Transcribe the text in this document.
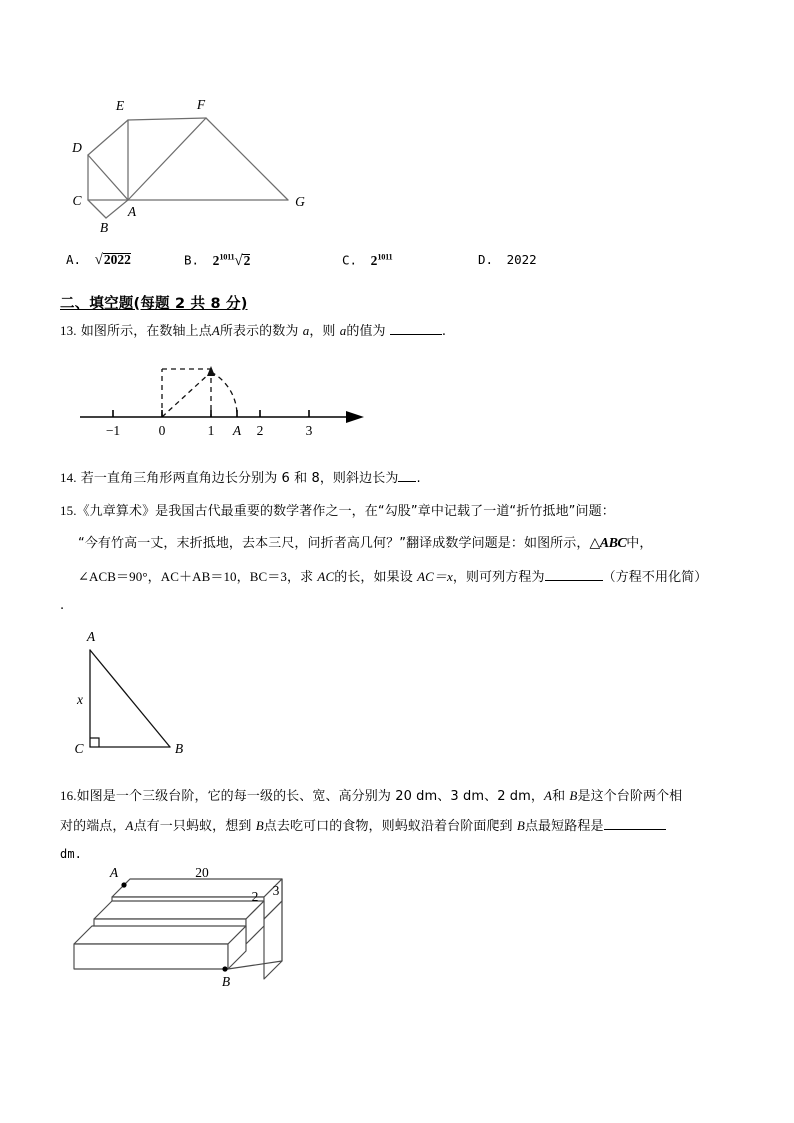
E	F
D
C
A
B
G
A. √2022	B. $2^{1011}√2$	C. $2^{1011}$	D. 2022
二、填空题(每题 2 共 8 分)
13. 如图所示，在数轴上点A所表示的数为 a，则 a的值为	.
−1	0	1 A 2	3
14. 若一直角三角形两直角边长分别为 6 和 8，则斜边长为 .
15.《九章算术》是我国古代最重要的数学著作之一，在“勾股”章中记载了一道“折竹抵地”问题：
“今有竹高一丈，末折抵地，去本三尺，问折者高几何？”翻译成数学问题是：如图所示，△ABC中，
∠ACB＝90°，AC＋AB＝10，BC＝3，求 AC的长，如果设 AC＝x，则可列方程为	（方程不用化简）
.
A
C	B
x
16.如图是一个三级台阶，它的每一级的长、宽、高分别为 20 dm、3 dm、2 dm，A和 B是这个台阶两个相
对的端点，A点有一只蚂蚁，想到 B点去吃可口的食物，则蚂蚁沿着台阶面爬到 B点最短路程是
dm.
A	20
2 3
B
